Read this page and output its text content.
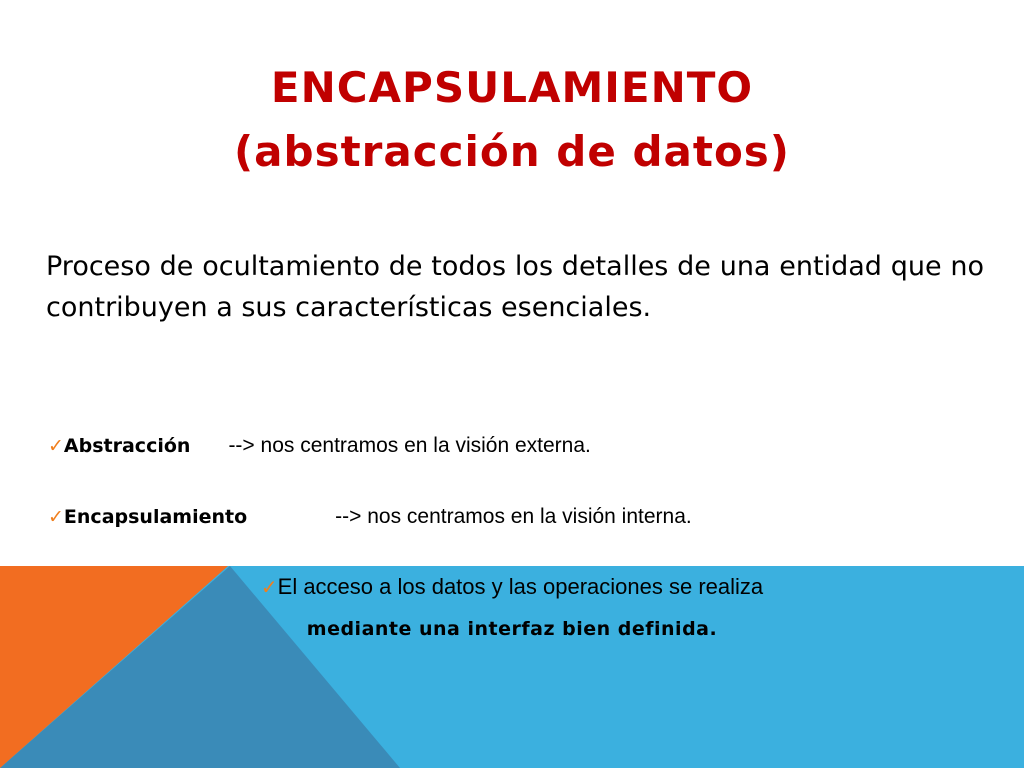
ENCAPSULAMIENTO
(abstracción de datos)
Proceso de ocultamiento de todos los detalles de una entidad que no contribuyen a sus características esenciales.
✓Abstracción --> nos centramos en la visión externa.
✓Encapsulamiento	--> nos centramos en la visión interna.
✓El acceso a los datos y las operaciones se realiza
mediante una interfaz bien definida.
